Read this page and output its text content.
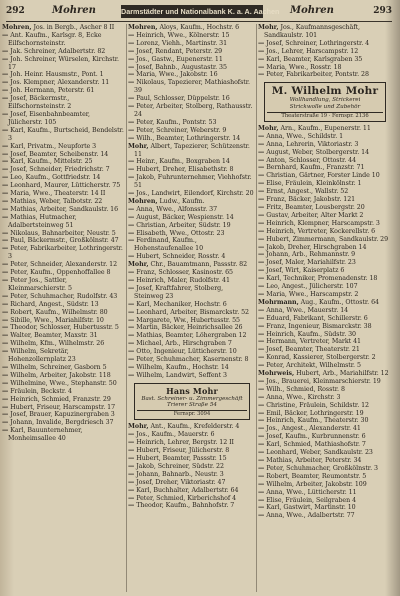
292	Mohren	Darmstädter und Nationalbank K. a. A. Aachen Mohren	293

Mohren, Jos. in Bergb., Ascher 8 II

— Ant. Kaufm., Karlsgr. 8, Ecke Eilfschornsteinstr.

— Jak. Schreiner, Adalbertstr. 82

— Joh. Schreiner, Würselen, Kirchstr. 17

— Joh. Heinr. Hausmstr., Pont. 1

— Jos. Klempner, Alexanderstr. 11

— Joh. Hermann, Peterstr. 61

— Josef, Bäckermstr., Eilfschornsteinstr. 2

— Josef, Eisenbahnbeamter, Jülicherstr. 105

— Karl, Kaufm., Burtscheid, Bendelstr. 3

— Karl, Privatm., Neupforte 3

— Josef, Beamter, Scheibenstr. 14

— Karl, Kaufm., Mittelstr. 25

— Josef, Schneider, Friedrichstr. 7

— Leo, Kaufm., Gottfriedstr. 14

— Leonhard, Maurer, Lütticherstr. 75

— Maria, Wwe., Theaterstr. 14 II

— Mathias, Weber, Talbotstr. 22

— Mathias, Arbeiter, Sandkaulstr. 16

— Mathias, Hutmacher, Adalbertsteinweg 51

— Nikolaus, Bahnarbeiter, Neustr. 5

— Paul, Bäckermstr., Großkölnstr. 47

— Peter, Fabrikarbeiter, Lothringerstr. 3

— Peter, Schneider, Alexanderstr. 12

— Peter, Kaufm., Oppenhoffallee 8

— Peter Jos., Sattler, Kleinmarschierstr. 5

— Peter, Schuhmacher, Rudolfstr. 43

— Richard, Angest., Südstr. 13

— Robert, Kaufm., Wilhelmstr. 80

— Sibille, Wwe., Mariahilfstr. 10

— Theodor, Schlosser, Hubertusstr. 5

— Walter, Beamter, Maxstr. 31

— Wilhelm, Kfm., Wilhelmstr. 26

— Wilhelm, Sekretär, Hohenzollernplatz 23

— Wilhelm, Schreiner, Gasborn 5

— Wilhelm, Arbeiter, Jakobstr. 118

— Wilhelmine, Wwe., Stephanstr. 50

— Fräulein, Beckstr. 4

— Heinrich, Schmied, Franzstr. 29

— Hubert, Friseur, Harscampstr. 17

— Josef, Brauer, Kapuzinergraben 3

— Johann, Invalide, Bergdriesch 37

— Karl, Bauunternehmer, Monheimsallee 40

Mohren, Aloys, Kaufm., Hochstr. 6

— Heinrich, Wwe., Kölnerstr. 15

— Lorenz, Viehh., Martinstr. 31

— Josef, Rendant, Peterstr. 29

— Jos., Gastw., Eupenerstr. 11

— Josef, Bahnb., Augustastr. 35

— Maria, Wwe., Jakobstr. 16

— Nikolaus, Tapezierer, Mathiashofstr. 39

— Paul, Schlosser, Düppelstr. 16

— Peter, Arbeiter, Stolberg, Rathausstr. 24

— Peter, Kaufm., Pontstr. 53

— Peter, Schreiner, Weberstr. 9

— Wilh., Beamter, Lothringerstr. 14

Mohr, Albert, Tapezierer, Schützenstr. 11

— Heinr., Kaufm., Boxgraben 14

— Hubert, Dreher, Elisabethstr. 8

— Jakob, Fuhrunternehmer, Viehhofstr. 51

— Jos., Landwirt, Eilendorf, Kirchstr. 20

Mohren, Ludw., Kaufm.

— Anna, Wwe., Alfonsstr. 37

— August, Bäcker, Wespienstr. 14

— Christian, Arbeiter, Südstr. 19

— Elisabeth, Wwe., Ottostr. 23

— Ferdinand, Kaufm., Hohenstaufenallee 10

— Hubert, Schneider, Rosstr. 4

Mohr, Chr., Bauamtmann, Passstr. 82

— Franz, Schlosser, Kasinostr. 65

— Heinrich, Maler, Rudolfstr. 41

— Josef, Kraftfahrer, Stolberg, Steinweg 23

— Karl, Mechaniker, Hochstr. 6

— Leonhard, Arbeiter, Bismarckstr. 52

— Margarete, Ww., Hubertusstr. 55

— Martin, Bäcker, Heinrichsallee 26

— Mathias, Beamter, Löhergraben 12

— Michael, Arb., Hirschgraben 7

— Otto, Ingenieur, Lütticherstr. 10

— Peter, Schuhmacher, Kasernenstr. 8

— Wilhelm, Kaufm., Hochstr. 14

— Wilhelm, Landwirt, Seffent 3

Hans Mohr
Bast. Schreiner- u. Zimmergeschäft
Trierer Straße 54
Fernspr. 3094

Mohr, Ant., Kaufm., Krefelderstr. 4

— Jos., Kaufm., Mauerstr. 6

— Heinrich, Lehrer, Bergstr. 12 II

— Hubert, Friseur, Jülicherstr. 8

— Hubert, Beamter, Passstr. 15

— Jakob, Schreiner, Südstr. 22

— Johann, Bahnarb., Neustr. 3

— Josef, Dreher, Viktoriastr. 47

— Karl, Buchhalter, Adalbertstr. 64

— Peter, Schmied, Kirberichshof 4

— Theodor, Kaufm., Bahnhofstr. 7

Mohr, Jos., Kaufmannsgeschäft, Sandkaulstr. 101

— Josef, Schreiner, Lothringerstr. 4

— Jos., Lehrer, Harscampstr. 12

— Karl, Beamter, Karlsgraben 35

— Maria, Wwe., Rosstr. 18

— Peter, Fabrikarbeiter, Pontstr. 28

M. Wilhelm Mohr
Wollhandlung, Strickerei
Strickwolle und Zubehör
Theaterstraße 19 · Fernspr. 2136

Mohr, Arn., Kaufm., Eupenerstr. 11

— Anna, Wwe., Schildstr. 1

— Anna, Lehrerin, Viktoriastr. 3

— August, Weber, Stolbergerstr. 14

— Anton, Schlosser, Ottostr. 44

— Bernhard, Kaufm., Franzstr. 71

— Christian, Gärtner, Forster Linde 10

— Elise, Fräulein, Kleinkölnstr. 1

— Ernst, Angest., Wallstr. 52

— Franz, Bäcker, Jakobstr. 121

— Fritz, Beamter, Lousbergstr. 20

— Gustav, Arbeiter, Alter Markt 2

— Heinrich, Klempner, Harscampstr. 3

— Heinrich, Vertreter, Kockerellstr. 6

— Hubert, Zimmermann, Sandkaulstr. 29

— Jakob, Dreher, Hirschgraben 14

— Johann, Arb., Rehmannstr. 9

— Josef, Maler, Mariahilfstr. 23

— Josef, Wirt, Kaiserplatz 6

— Karl, Techniker, Promenadenstr. 18

— Leo, Angest., Jülicherstr. 107

— Maria, Wwe., Harscampstr. 2

Mohrmann, Aug., Kaufm., Ottostr. 64

— Anna, Wwe., Mauerstr. 14

— Eduard, Fabrikant, Schillerstr. 6

— Franz, Ingenieur, Bismarckstr. 38

— Heinrich, Kaufm., Südstr. 30

— Hermann, Vertreter, Markt 41

— Josef, Beamter, Theaterstr. 21

— Konrad, Kassierer, Stolbergerstr. 2

— Peter, Architekt, Wilhelmstr. 5

Mohrweis, Hubert, Arb., Mariahilfstr. 12

— Jos., Brauerei, Kleinmarschierstr. 19

— Wilh., Schmied, Rosstr. 8

— Anna, Wwe., Kirchstr. 3

— Christine, Fräulein, Schildstr. 12

— Emil, Bäcker, Lothringerstr. 19

— Heinrich, Kaufm., Theaterstr. 30

— Jos., Angest., Alexanderstr. 41

— Josef, Kaufm., Kurbrunnenstr. 6

— Karl, Schmied, Mathiashofstr. 7

— Leonhard, Weber, Sandkaulstr. 23

— Mathias, Arbeiter, Peterstr. 34

— Peter, Schuhmacher, Großkölnstr. 3

— Robert, Beamter, Reumontstr. 5

— Wilhelm, Arbeiter, Jakobstr. 109

— Anna, Wwe., Lütticherstr. 11

— Elise, Fräulein, Seilgraben 4

— Karl, Gastwirt, Martinstr. 10

— Anna, Wwe., Adalbertstr. 77
